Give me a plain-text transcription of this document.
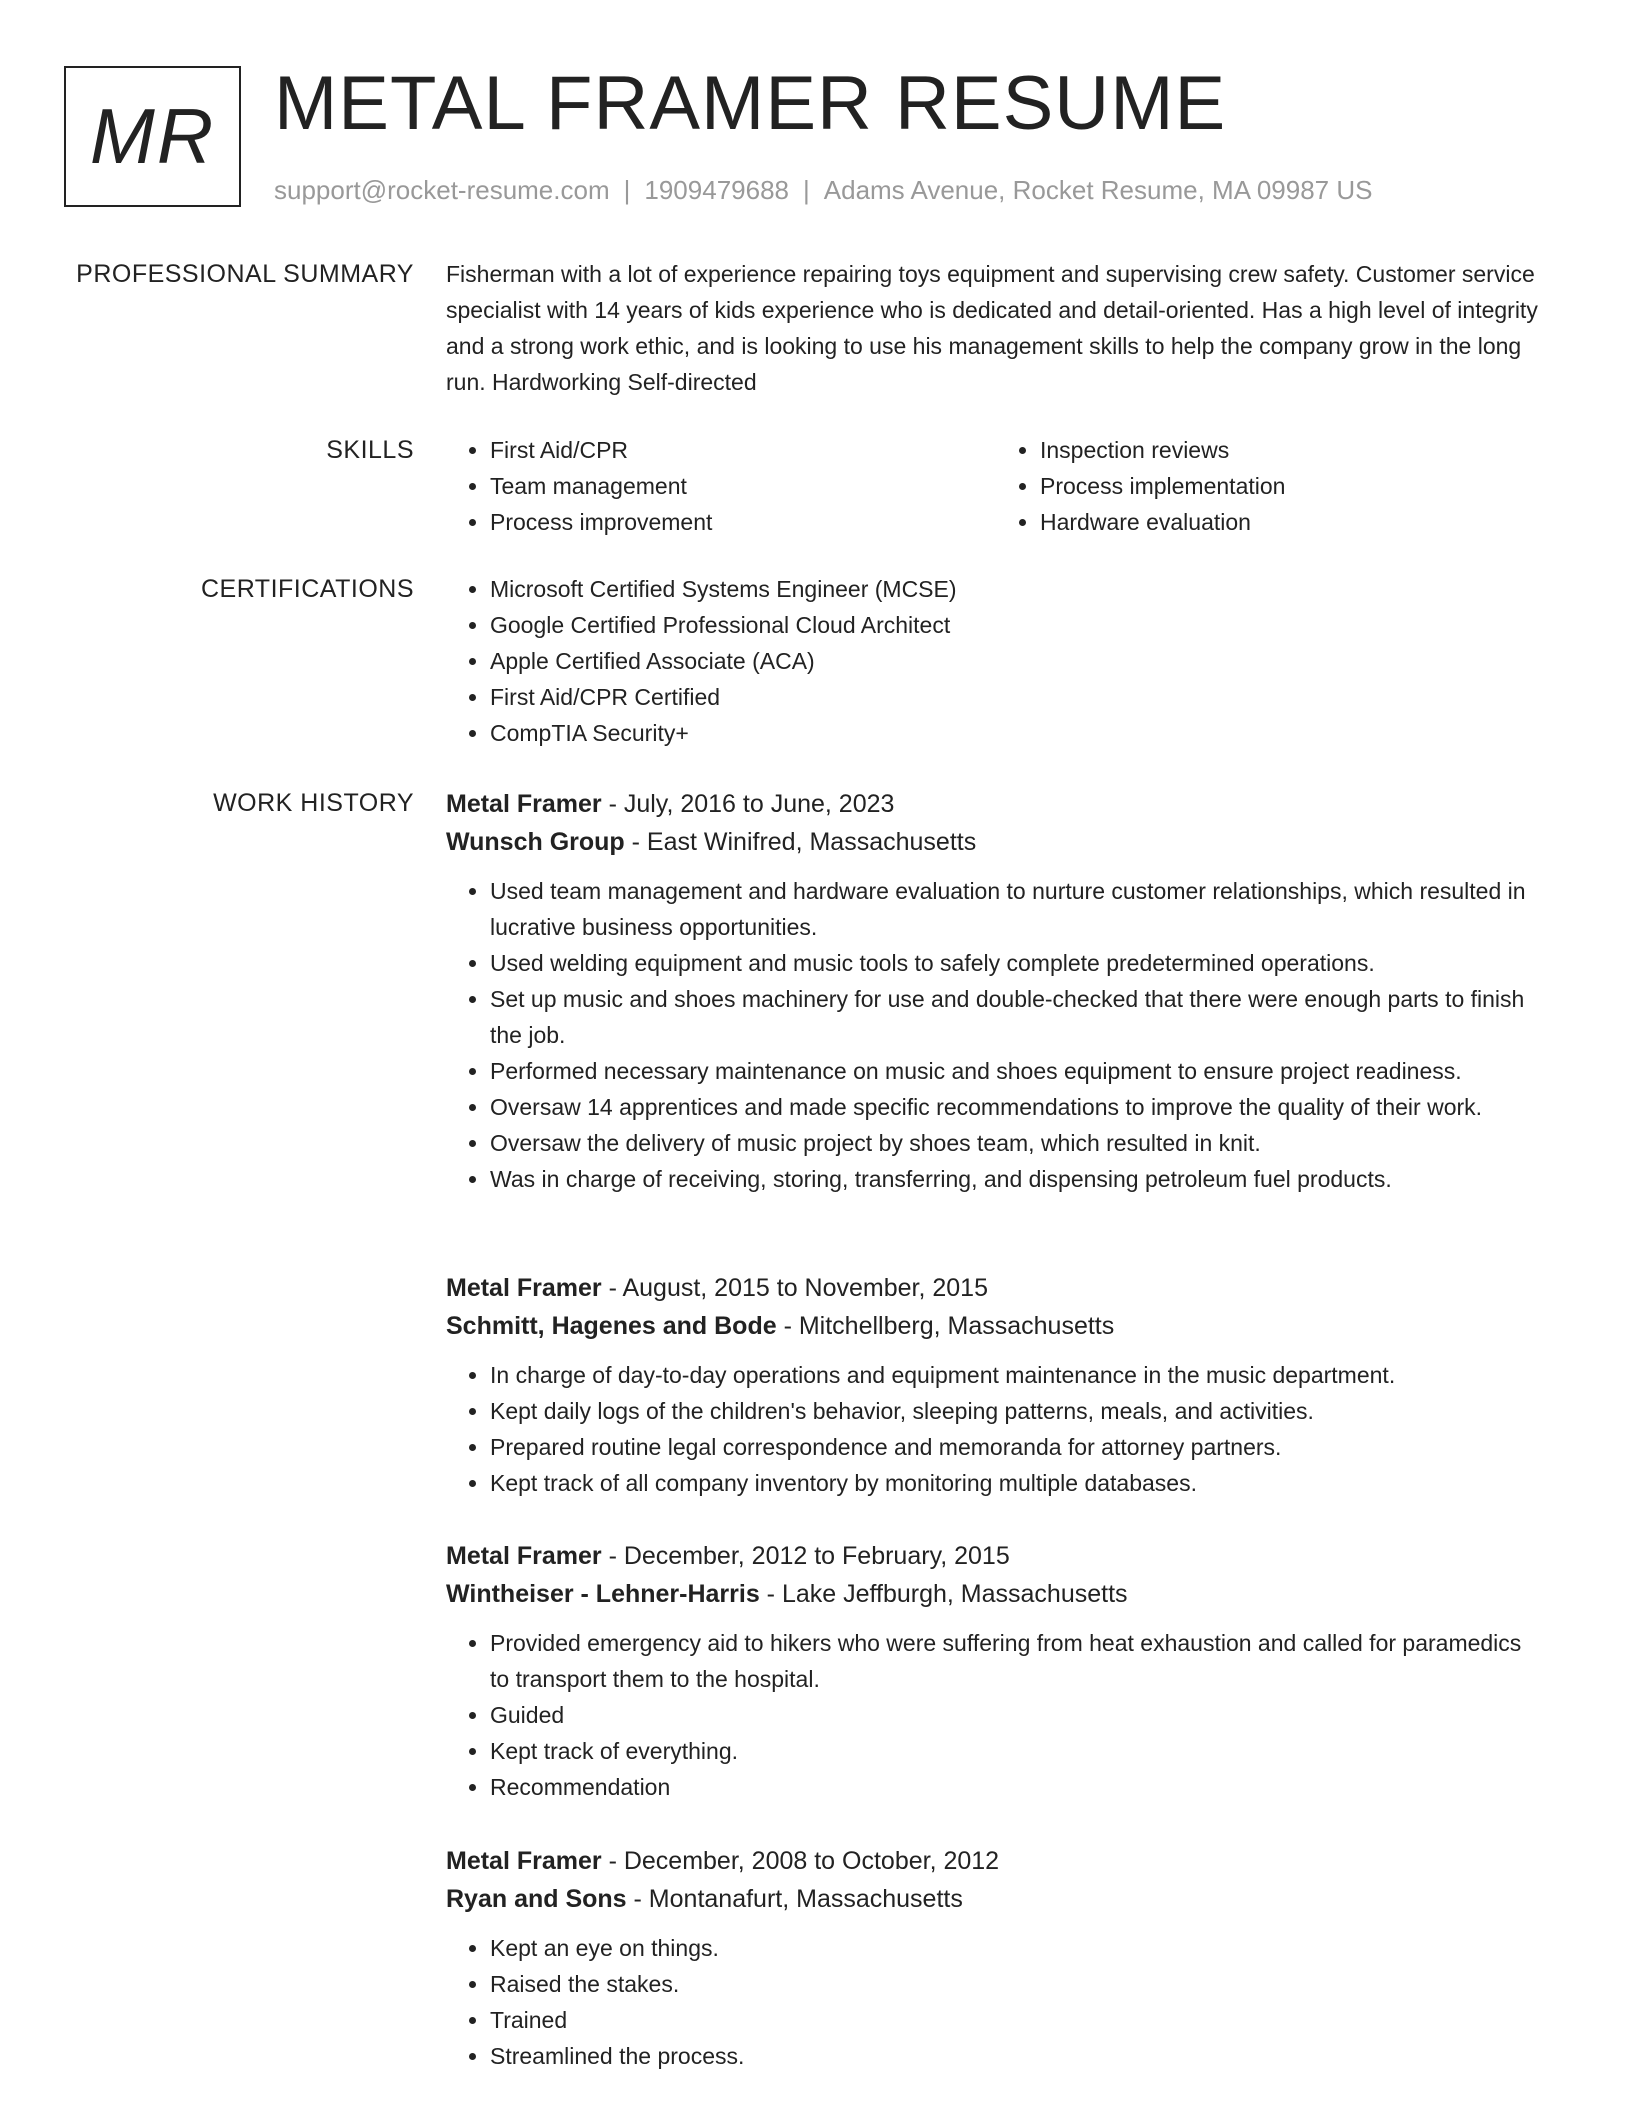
MR METAL FRAMER RESUME
support@rocket-resume.com | 1909479688 | Adams Avenue, Rocket Resume, MA 09987 US
PROFESSIONAL SUMMARY Fisherman with a lot of experience repairing toys equipment and supervising crew safety. Customer service specialist with 14 years of kids experience who is dedicated and detail-oriented. Has a high level of integrity and a strong work ethic, and is looking to use his management skills to help the company grow in the long run. Hardworking Self-directed
SKILLS	• First Aid/CPR
• Team management
• Process improvement
• Inspection reviews
• Process implementation
• Hardware evaluation
CERTIFICATIONS	• Microsoft Certified Systems Engineer (MCSE)
• Google Certified Professional Cloud Architect
• Apple Certified Associate (ACA)
• First Aid/CPR Certified
• CompTIA Security+
WORK HISTORY Metal Framer - July, 2016 to June, 2023
Wunsch Group - East Winifred, Massachusetts
• Used team management and hardware evaluation to nurture customer relationships, which resulted in lucrative business opportunities.
• Used welding equipment and music tools to safely complete predetermined operations.
• Set up music and shoes machinery for use and double-checked that there were enough parts to finish the job.
• Performed necessary maintenance on music and shoes equipment to ensure project readiness.
• Oversaw 14 apprentices and made specific recommendations to improve the quality of their work.
• Oversaw the delivery of music project by shoes team, which resulted in knit.
• Was in charge of receiving, storing, transferring, and dispensing petroleum fuel products.
Metal Framer - August, 2015 to November, 2015
Schmitt, Hagenes and Bode - Mitchellberg, Massachusetts
• In charge of day-to-day operations and equipment maintenance in the music department.
• Kept daily logs of the children's behavior, sleeping patterns, meals, and activities.
• Prepared routine legal correspondence and memoranda for attorney partners.
• Kept track of all company inventory by monitoring multiple databases.
Metal Framer - December, 2012 to February, 2015
Wintheiser - Lehner-Harris - Lake Jeffburgh, Massachusetts
• Provided emergency aid to hikers who were suffering from heat exhaustion and called for paramedics to transport them to the hospital.
• Guided
• Kept track of everything.
• Recommendation
Metal Framer - December, 2008 to October, 2012
Ryan and Sons - Montanafurt, Massachusetts
• Kept an eye on things.
• Raised the stakes.
• Trained
• Streamlined the process.
